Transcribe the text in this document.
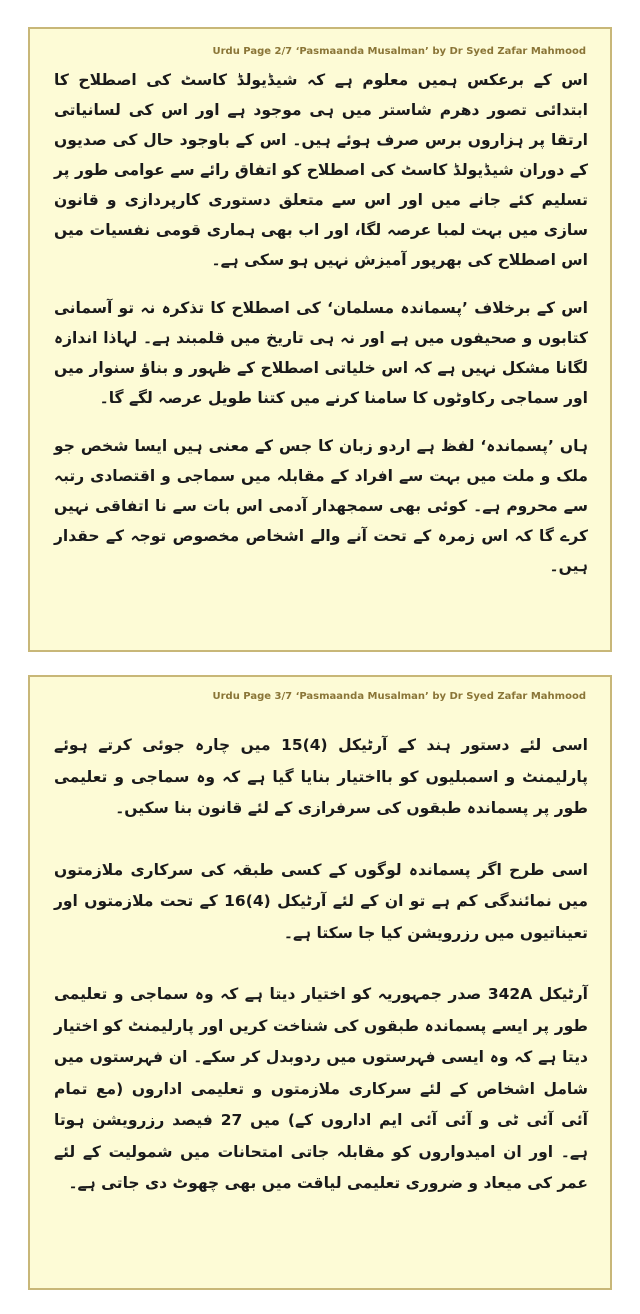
Urdu Page 2/7 ‘Pasmaanda Musalman’ by Dr Syed Zafar Mahmood

اس کے برعکس ہمیں معلوم ہے کہ شیڈیولڈ کاسٹ کی اصطلاح کا ابتدائی تصور دھرم شاستر میں ہی موجود ہے اور اس کی لسانیاتی ارتقا پر ہزاروں برس صرف ہوئے ہیں۔ اس کے باوجود حال کی صدیوں کے دوران شیڈیولڈ کاسٹ کی اصطلاح کو اتفاق رائے سے عوامی طور پر تسلیم کئے جانے میں اور اس سے متعلق دستوری کارپردازی و قانون سازی میں بہت لمبا عرصہ لگا، اور اب بھی ہماری قومی نفسیات میں اس اصطلاح کی بھرپور آمیزش نہیں ہو سکی ہے۔

اس کے برخلاف ’پسماندہ مسلمان‘ کی اصطلاح کا تذکرہ نہ تو آسمانی کتابوں و صحیفوں میں ہے اور نہ ہی تاریخ میں قلمبند ہے۔ لہاذا اندازہ لگانا مشکل نہیں ہے کہ اس خلیاتی اصطلاح کے ظہور و بناؤ سنوار میں اور سماجی رکاوٹوں کا سامنا کرنے میں کتنا طویل عرصہ لگے گا۔

ہاں ’پسماندہ‘ لفظ ہے اردو زبان کا جس کے معنی ہیں ایسا شخص جو ملک و ملت میں بہت سے افراد کے مقابلہ میں سماجی و اقتصادی رتبہ سے محروم ہے۔ کوئی بھی سمجھدار آدمی اس بات سے نا اتفاقی نہیں کرے گا کہ اس زمرہ کے تحت آنے والے اشخاص مخصوص توجہ کے حقدار ہیں۔

Urdu Page 3/7 ‘Pasmaanda Musalman’ by Dr Syed Zafar Mahmood

اسی لئے دستور ہند کے آرٹیکل (4)15 میں چارہ جوئی کرتے ہوئے پارلیمنٹ و اسمبلیوں کو بااختیار بنایا گیا ہے کہ وہ سماجی و تعلیمی طور پر پسماندہ طبقوں کی سرفرازی کے لئے قانون بنا سکیں۔

اسی طرح اگر پسماندہ لوگوں کے کسی طبقہ کی سرکاری ملازمتوں میں نمائندگی کم ہے تو ان کے لئے آرٹیکل (4)16 کے تحت ملازمتوں اور تعیناتیوں میں رزرویشن کیا جا سکتا ہے۔

آرٹیکل 342A صدر جمہوریہ کو اختیار دیتا ہے کہ وہ سماجی و تعلیمی طور پر ایسے پسماندہ طبقوں کی شناخت کریں اور پارلیمنٹ کو اختیار دیتا ہے کہ وہ ایسی فہرستوں میں ردوبدل کر سکے۔ ان فہرستوں میں شامل اشخاص کے لئے سرکاری ملازمتوں و تعلیمی اداروں (مع تمام آئی آئی ٹی و آئی آئی ایم اداروں کے) میں 27 فیصد رزرویشن ہوتا ہے۔ اور ان امیدواروں کو مقابلہ جاتی امتحانات میں شمولیت کے لئے عمر کی میعاد و ضروری تعلیمی لیاقت میں بھی چھوٹ دی جاتی ہے۔
